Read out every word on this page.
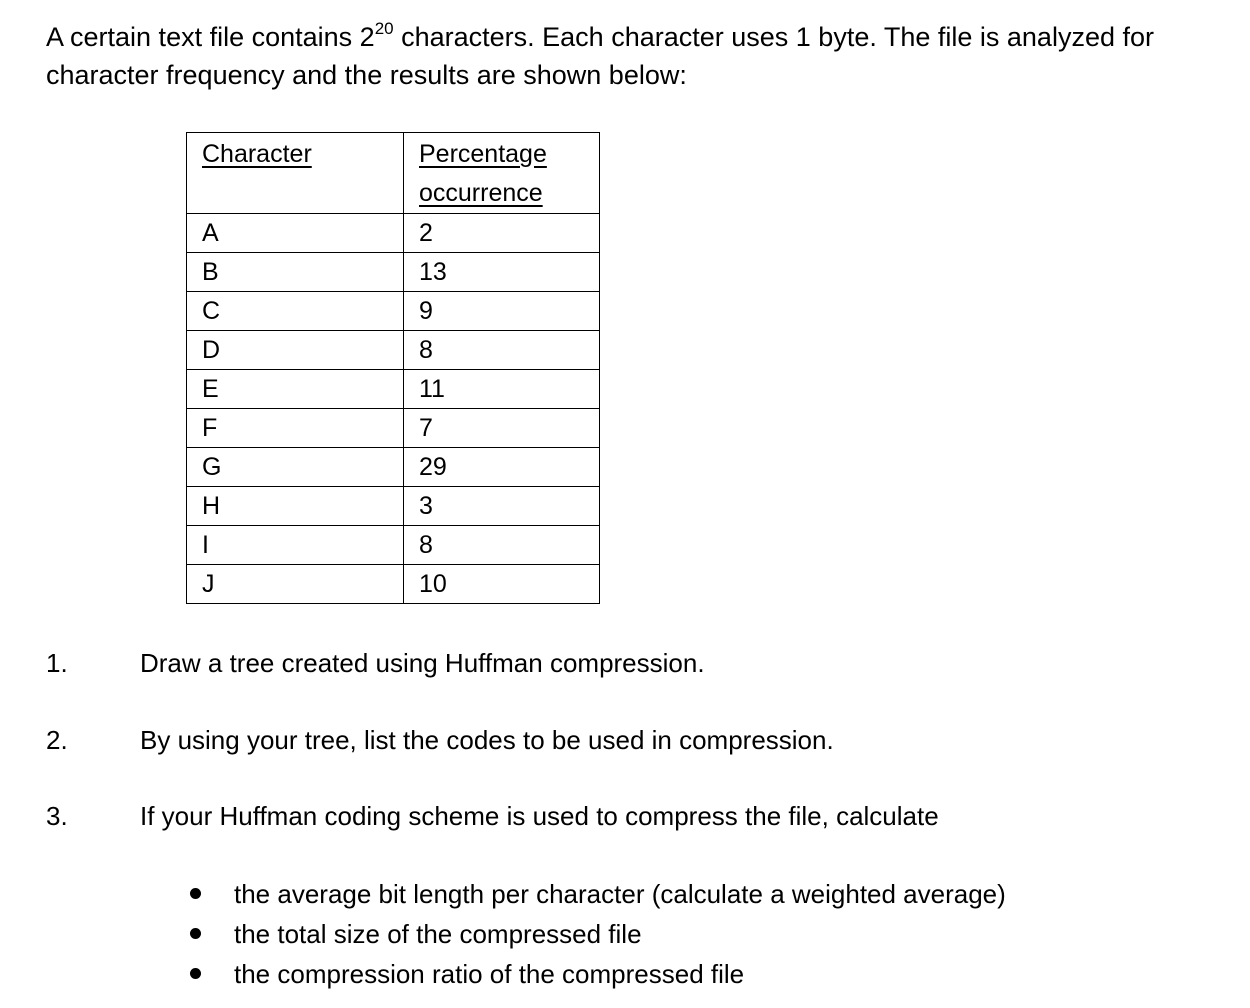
A certain text file contains $2^{20}$ characters. Each character uses 1 byte. The file is analyzed for character frequency and the results are shown below:

Character	Percentage occurrence
A	2
B	13
C	9
D	8
E	11
F	7
G	29
H	3
I	8
J	10
1.	Draw a tree created using Huffman compression.
2.	By using your tree, list the codes to be used in compression.
3.	If your Huffman coding scheme is used to compress the file, calculate
the average bit length per character (calculate a weighted average)
the total size of the compressed file
the compression ratio of the compressed file
